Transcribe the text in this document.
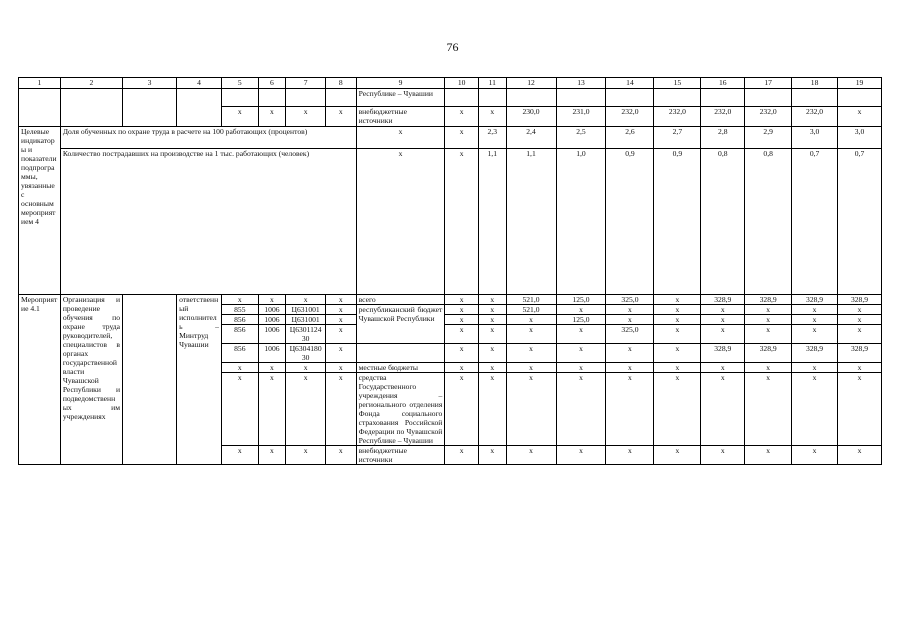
76
1	2	3	4	5	6	7	8	9	10	11	12	13	14	15	16	17	18	19
								Республике – Чувашии										
				x	x	x	x	внебюджетные источники	x	x	230,0	231,0	232,0	232,0	232,0	232,0	232,0	x
Целевые индикаторы и показатели подпрограммы, увязанные с основным мероприятием 4	Доля обученных по охране труда в расчете на 100 работающих (процентов)							x	x	2,3	2,4	2,5	2,6	2,7	2,8	2,9	3,0	3,0
	Количество пострадавших на производстве на 1 тыс. работающих (человек)							x	x	1,1	1,1	1,0	0,9	0,9	0,8	0,8	0,7	0,7
Мероприятие 4.1	Организация и проведение обучения по охране труда руководителей, специалистов в органах государственной власти Чувашской Республики и подведомственных им учреждениях		ответственный исполнитель – Минтруд Чувашии	x	x	x	x	всего	x	x	521,0	125,0	325,0	x	328,9	328,9	328,9	328,9
				855	1006	Ц631001	x	республиканский бюджет Чувашской Республики	x	x	521,0	x	x	x	x	x	x	x
				856	1006	Ц631001	x		x	x	x	125,0	x	x	x	x	x	x
				856	1006	Ц6301124 30	x		x	x	x	x	325,0	x	x	x	x	x
				856	1006	Ц6304180 30	x		x	x	x	x	x	x	328,9	328,9	328,9	328,9
				x	x	x	x	местные бюджеты	x	x	x	x	x	x	x	x	x	x
				x	x	x	x	средства Государственного учреждения – регионального отделения Фонда социального страхования Российской Федерации по Чувашской Республике – Чувашии	x	x	x	x	x	x	x	x	x	x
				x	x	x	x	внебюджетные источники	x	x	x	x	x	x	x	x	x	x
